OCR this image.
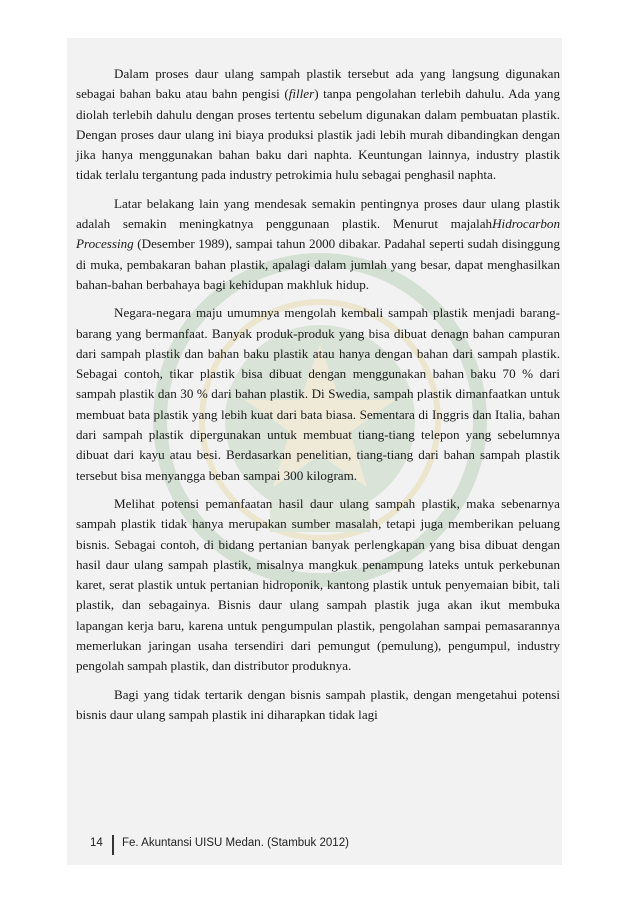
Dalam proses daur ulang sampah plastik tersebut ada yang langsung digunakan sebagai bahan baku atau bahn pengisi (filler) tanpa pengolahan terlebih dahulu. Ada yang diolah terlebih dahulu dengan proses tertentu sebelum digunakan dalam pembuatan plastik. Dengan proses daur ulang ini biaya produksi plastik jadi lebih murah dibandingkan dengan jika hanya menggunakan bahan baku dari naphta. Keuntungan lainnya, industry plastik tidak terlalu tergantung pada industry petrokimia hulu sebagai penghasil naphta.

Latar belakang lain yang mendesak semakin pentingnya proses daur ulang plastik adalah semakin meningkatnya penggunaan plastik. Menurut majalahHidrocarbon Processing (Desember 1989), sampai tahun 2000 dibakar. Padahal seperti sudah disinggung di muka, pembakaran bahan plastik, apalagi dalam jumlah yang besar, dapat menghasilkan bahan-bahan berbahaya bagi kehidupan makhluk hidup.

Negara-negara maju umumnya mengolah kembali sampah plastik menjadi barang-barang yang bermanfaat. Banyak produk-produk yang bisa dibuat denagn bahan campuran dari sampah plastik dan bahan baku plastik atau hanya dengan bahan dari sampah plastik. Sebagai contoh, tikar plastik bisa dibuat dengan menggunakan bahan baku 70 % dari sampah plastik dan 30 % dari bahan plastik. Di Swedia, sampah plastik dimanfaatkan untuk membuat bata plastik yang lebih kuat dari bata biasa. Sementara di Inggris dan Italia, bahan dari sampah plastik dipergunakan untuk membuat tiang-tiang telepon yang sebelumnya dibuat dari kayu atau besi. Berdasarkan penelitian, tiang-tiang dari bahan sampah plastik tersebut bisa menyangga beban sampai 300 kilogram.

Melihat potensi pemanfaatan hasil daur ulang sampah plastik, maka sebenarnya sampah plastik tidak hanya merupakan sumber masalah, tetapi juga memberikan peluang bisnis. Sebagai contoh, di bidang pertanian banyak perlengkapan yang bisa dibuat dengan hasil daur ulang sampah plastik, misalnya mangkuk penampung lateks untuk perkebunan karet, serat plastik untuk pertanian hidroponik, kantong plastik untuk penyemaian bibit, tali plastik, dan sebagainya. Bisnis daur ulang sampah plastik juga akan ikut membuka lapangan kerja baru, karena untuk pengumpulan plastik, pengolahan sampai pemasarannya memerlukan jaringan usaha tersendiri dari pemungut (pemulung), pengumpul, industry pengolah sampah plastik, dan distributor produknya.

Bagi yang tidak tertarik dengan bisnis sampah plastik, dengan mengetahui potensi bisnis daur ulang sampah plastik ini diharapkan tidak lagi

14 Fe. Akuntansi UISU Medan. (Stambuk 2012)
